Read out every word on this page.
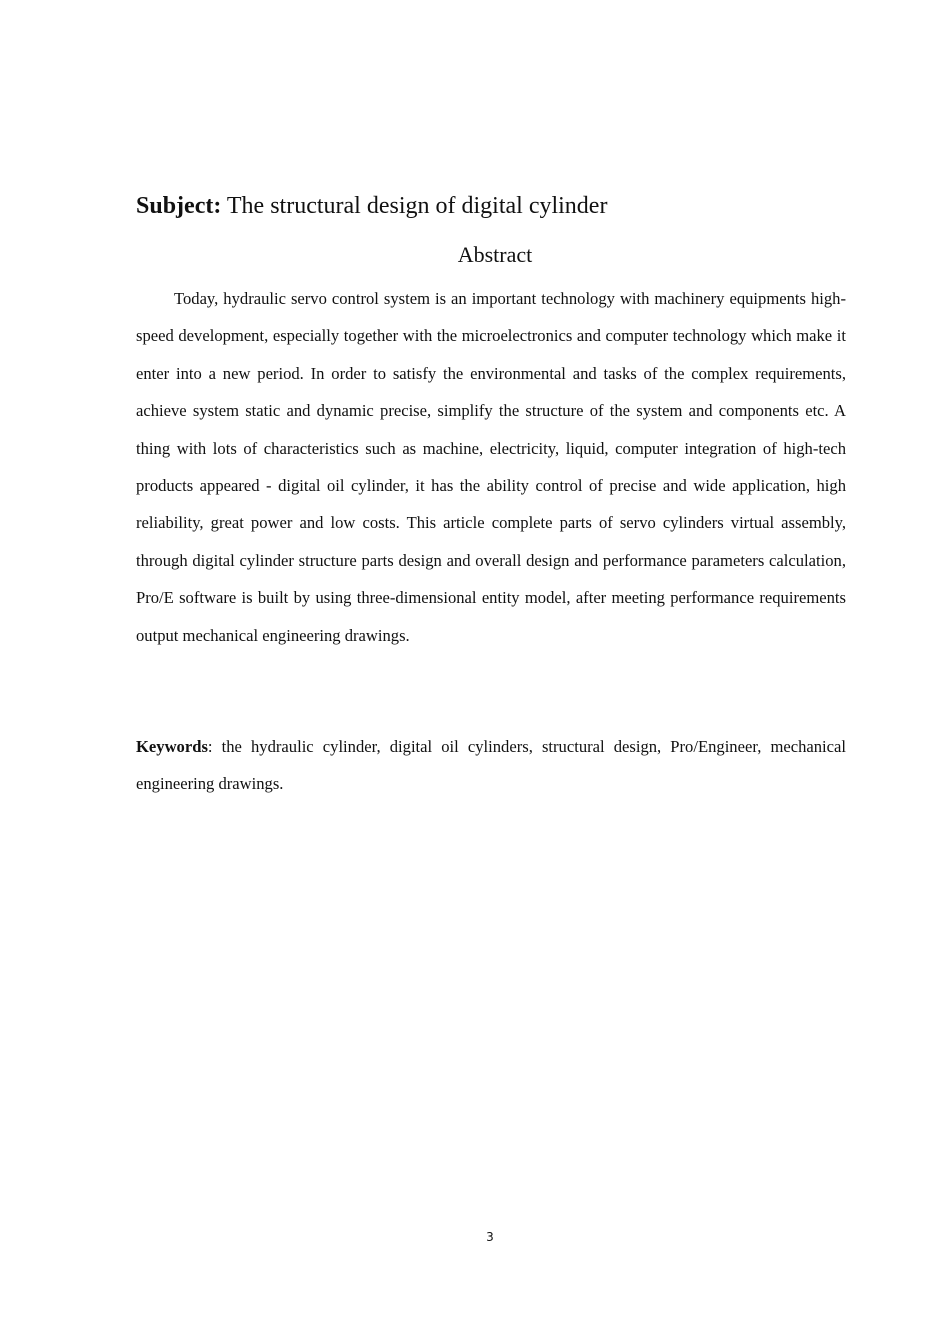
Subject: The structural design of digital cylinder
Abstract

Today, hydraulic servo control system is an important technology with machinery equipments high-speed development, especially together with the microelectronics and computer technology which make it enter into a new period. In order to satisfy the environmental and tasks of the complex requirements, achieve system static and dynamic precise, simplify the structure of the system and components etc. A thing with lots of characteristics such as machine, electricity, liquid, computer integration of high-tech products appeared - digital oil cylinder, it has the ability control of precise and wide application, high reliability, great power and low costs. This article complete parts of servo cylinders virtual assembly, through digital cylinder structure parts design and overall design and performance parameters calculation, Pro/E software is built by using three-dimensional entity model, after meeting performance requirements output mechanical engineering drawings.

Keywords: the hydraulic cylinder, digital oil cylinders, structural design, Pro/Engineer, mechanical engineering drawings.

3
